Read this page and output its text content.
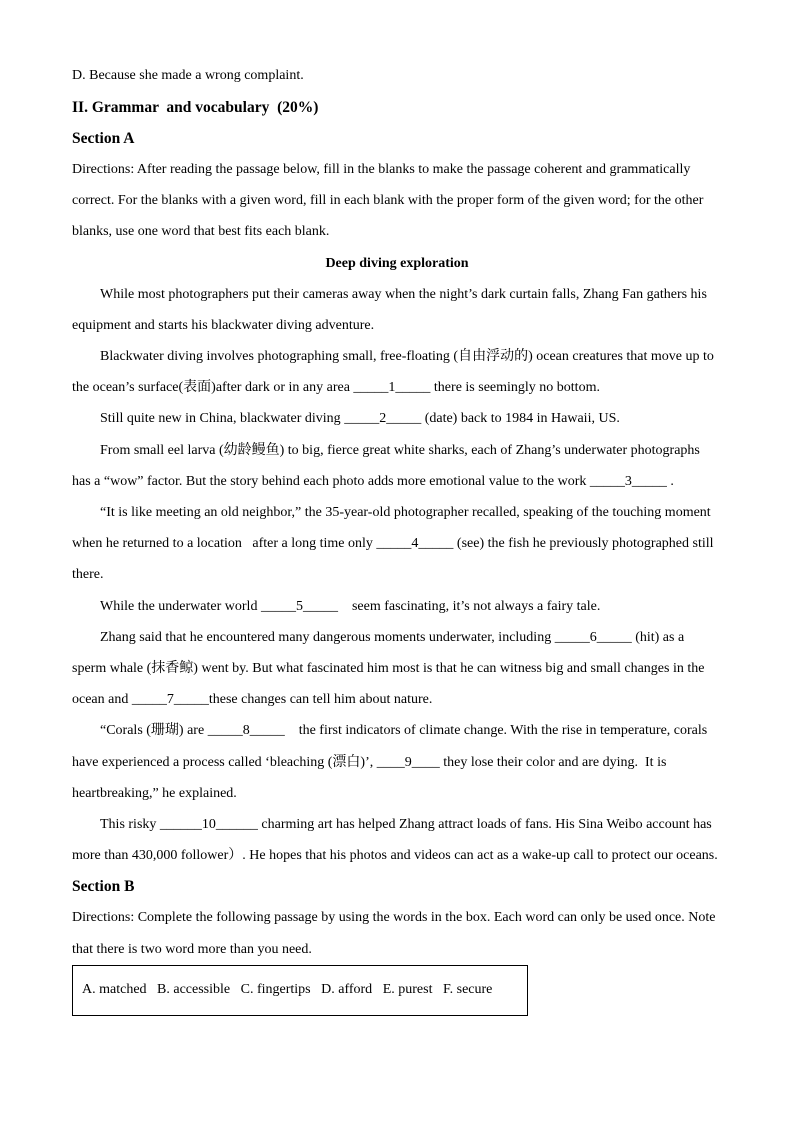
D. Because she made a wrong complaint.
II. Grammar  and vocabulary  (20%)
Section A
Directions: After reading the passage below, fill in the blanks to make the passage coherent and grammatically
correct. For the blanks with a given word, fill in each blank with the proper form of the given word; for the other
blanks, use one word that best fits each blank.
Deep diving exploration
While most photographers put their cameras away when the night’s dark curtain falls, Zhang Fan gathers his
equipment and starts his blackwater diving adventure.
Blackwater diving involves photographing small, free-floating (自由浮动的) ocean creatures that move up to
the ocean’s surface(表面)after dark or in any area _____1_____ there is seemingly no bottom.
Still quite new in China, blackwater diving _____2_____ (date) back to 1984 in Hawaii, US.
From small eel larva (幼龄鳗鱼) to big, fierce great white sharks, each of Zhang’s underwater photographs
has a “wow” factor. But the story behind each photo adds more emotional value to the work _____3_____ .
“It is like meeting an old neighbor,” the 35-year-old photographer recalled, speaking of the touching moment
when he returned to a location   after a long time only _____4_____ (see) the fish he previously photographed still
there.
While the underwater world _____5_____    seem fascinating, it’s not always a fairy tale.
Zhang said that he encountered many dangerous moments underwater, including _____6_____ (hit) as a
sperm whale (抹香鲸) went by. But what fascinated him most is that he can witness big and small changes in the
ocean and _____7_____these changes can tell him about nature.
“Corals (珊瑚) are _____8_____    the first indicators of climate change. With the rise in temperature, corals
have experienced a process called ‘bleaching (漂白)’, ____9____ they lose their color and are dying.  It is
heartbreaking,” he explained.
This risky ______10______ charming art has helped Zhang attract loads of fans. His Sina Weibo account has
more than 430,000 follower）. He hopes that his photos and videos can act as a wake-up call to protect our oceans.
Section B
Directions: Complete the following passage by using the words in the box. Each word can only be used once. Note
that there is two word more than you need.
A. matched B. accessible C. fingertips D. afford E. purest F. secure
